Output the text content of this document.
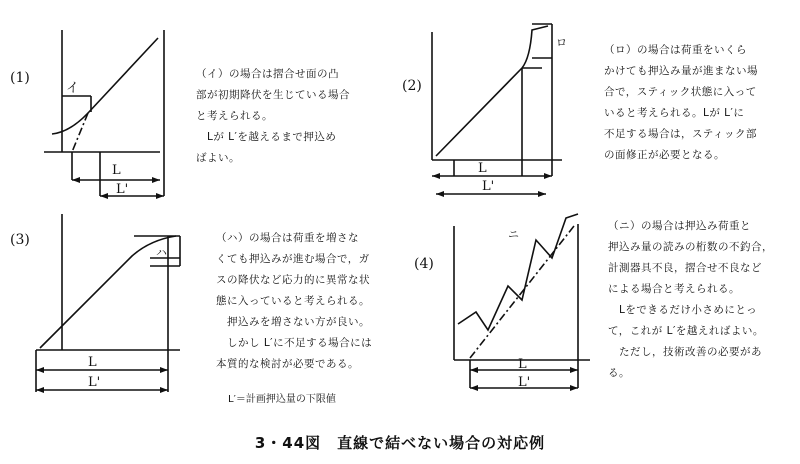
イ
L
L'
ロ
L
L'
ハ
L
L'
ニ
L
L'
(1)	(2)
(3)
(4)
（イ）の場合は摺合せ面の凸
部が初期降伏を生じている場合
と考えられる。
　Lが L′を越えるまで押込め
ばよい。
（ロ）の場合は荷重をいくら
かけても押込み量が進まない場
合で，スティック状態に入って
いると考えられる。Lが L′に
不足する場合は，スティック部
の面修正が必要となる。
（ハ）の場合は荷重を増さな
くても押込みが進む場合で，ガ
スの降伏など応力的に異常な状
態に入っていると考えられる。
　押込みを増さない方が良い。
　しかし L′に不足する場合には
本質的な検討が必要である。
（ニ）の場合は押込み荷重と
押込み量の読みの桁数の不釣合，
計測器具不良，摺合せ不良など
による場合と考えられる。
　Lをできるだけ小さめにとっ
て，これが L′を越えればよい。
　ただし，技術改善の必要があ
る。
L′＝計画押込量の下限値
3・44図　直線で結べない場合の対応例
